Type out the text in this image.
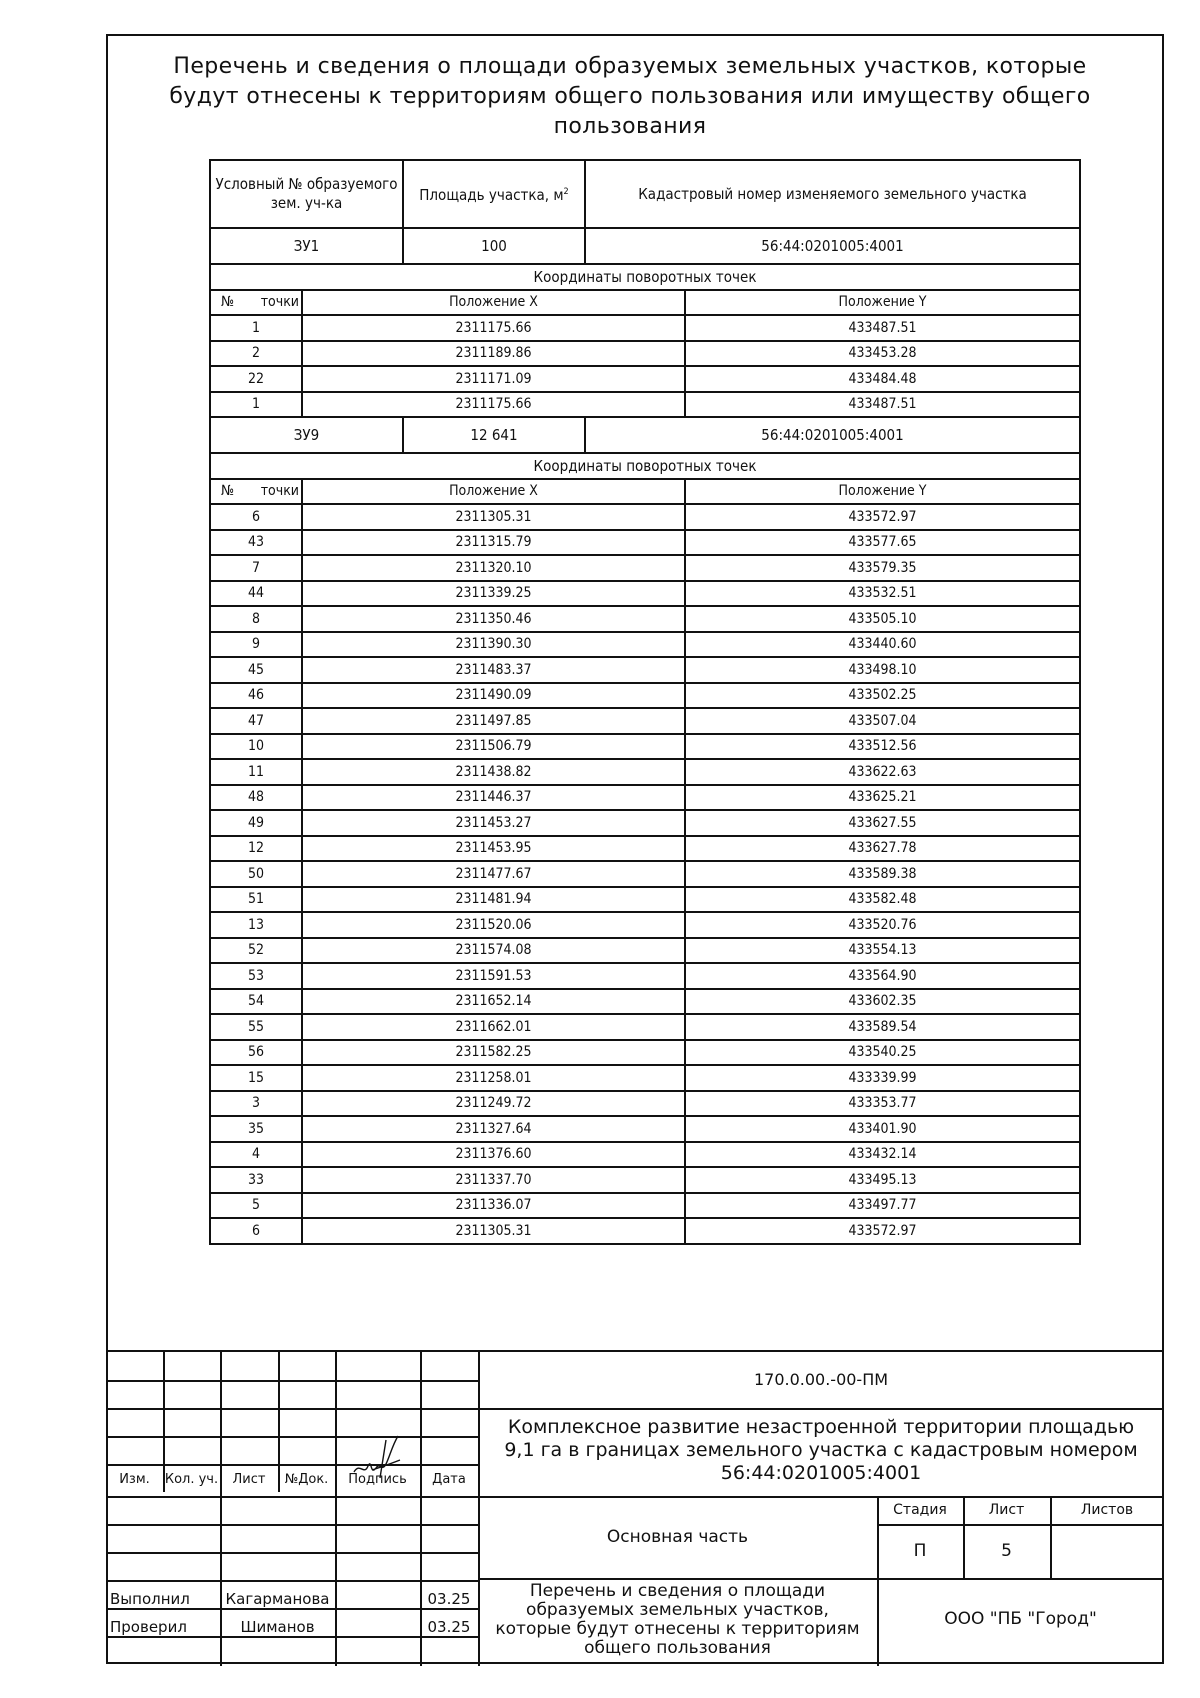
Перечень и сведения о площади образуемых земельных участков, которые будут отнесены к территориям общего пользования или имуществу общего пользования
Условный № образуемого зем. уч-ка		Площадь участка, $м^2$	Кадастровый номер изменяемого земельного участка	
ЗУ1		100	56:44:0201005:4001	
Координаты поворотных точек				

№ точки	Положение X			Положение Y
1	2311175.66			433487.51
2	2311189.86			433453.28
22	2311171.09			433484.48
1	2311175.66			433487.51
ЗУ9		12 641	56:44:0201005:4001	
Координаты поворотных точек				

№ точки	Положение X			Положение Y
6	2311305.31			433572.97
43	2311315.79			433577.65
7	2311320.10			433579.35
44	2311339.25			433532.51
8	2311350.46			433505.10
9	2311390.30			433440.60
45	2311483.37			433498.10
46	2311490.09			433502.25
47	2311497.85			433507.04
10	2311506.79			433512.56
11	2311438.82			433622.63
48	2311446.37			433625.21
49	2311453.27			433627.55
12	2311453.95			433627.78
50	2311477.67			433589.38
51	2311481.94			433582.48
13	2311520.06			433520.76
52	2311574.08			433554.13
53	2311591.53			433564.90
54	2311652.14			433602.35
55	2311662.01			433589.54
56	2311582.25			433540.25
15	2311258.01			433339.99
3	2311249.72			433353.77
35	2311327.64			433401.90
4	2311376.60			433432.14
33	2311337.70			433495.13
5	2311336.07			433497.77
6	2311305.31			433572.97
Изм.	Кол. уч.	Лист	№Док.	Подпись	Дата
Выполнил	Кагарманова	03.25
Проверил	Шиманов	03.25
170.0.00.-00-ПМ
Комплексное развитие незастроенной территории площадью 9,1 га в границах земельного участка с кадастровым номером 56:44:0201005:4001
Основная часть
Стадия	Лист	Листов
П	5
Перечень и сведения о площади образуемых земельных участков, которые будут отнесены к территориям общего пользования
ООО "ПБ "Город"
